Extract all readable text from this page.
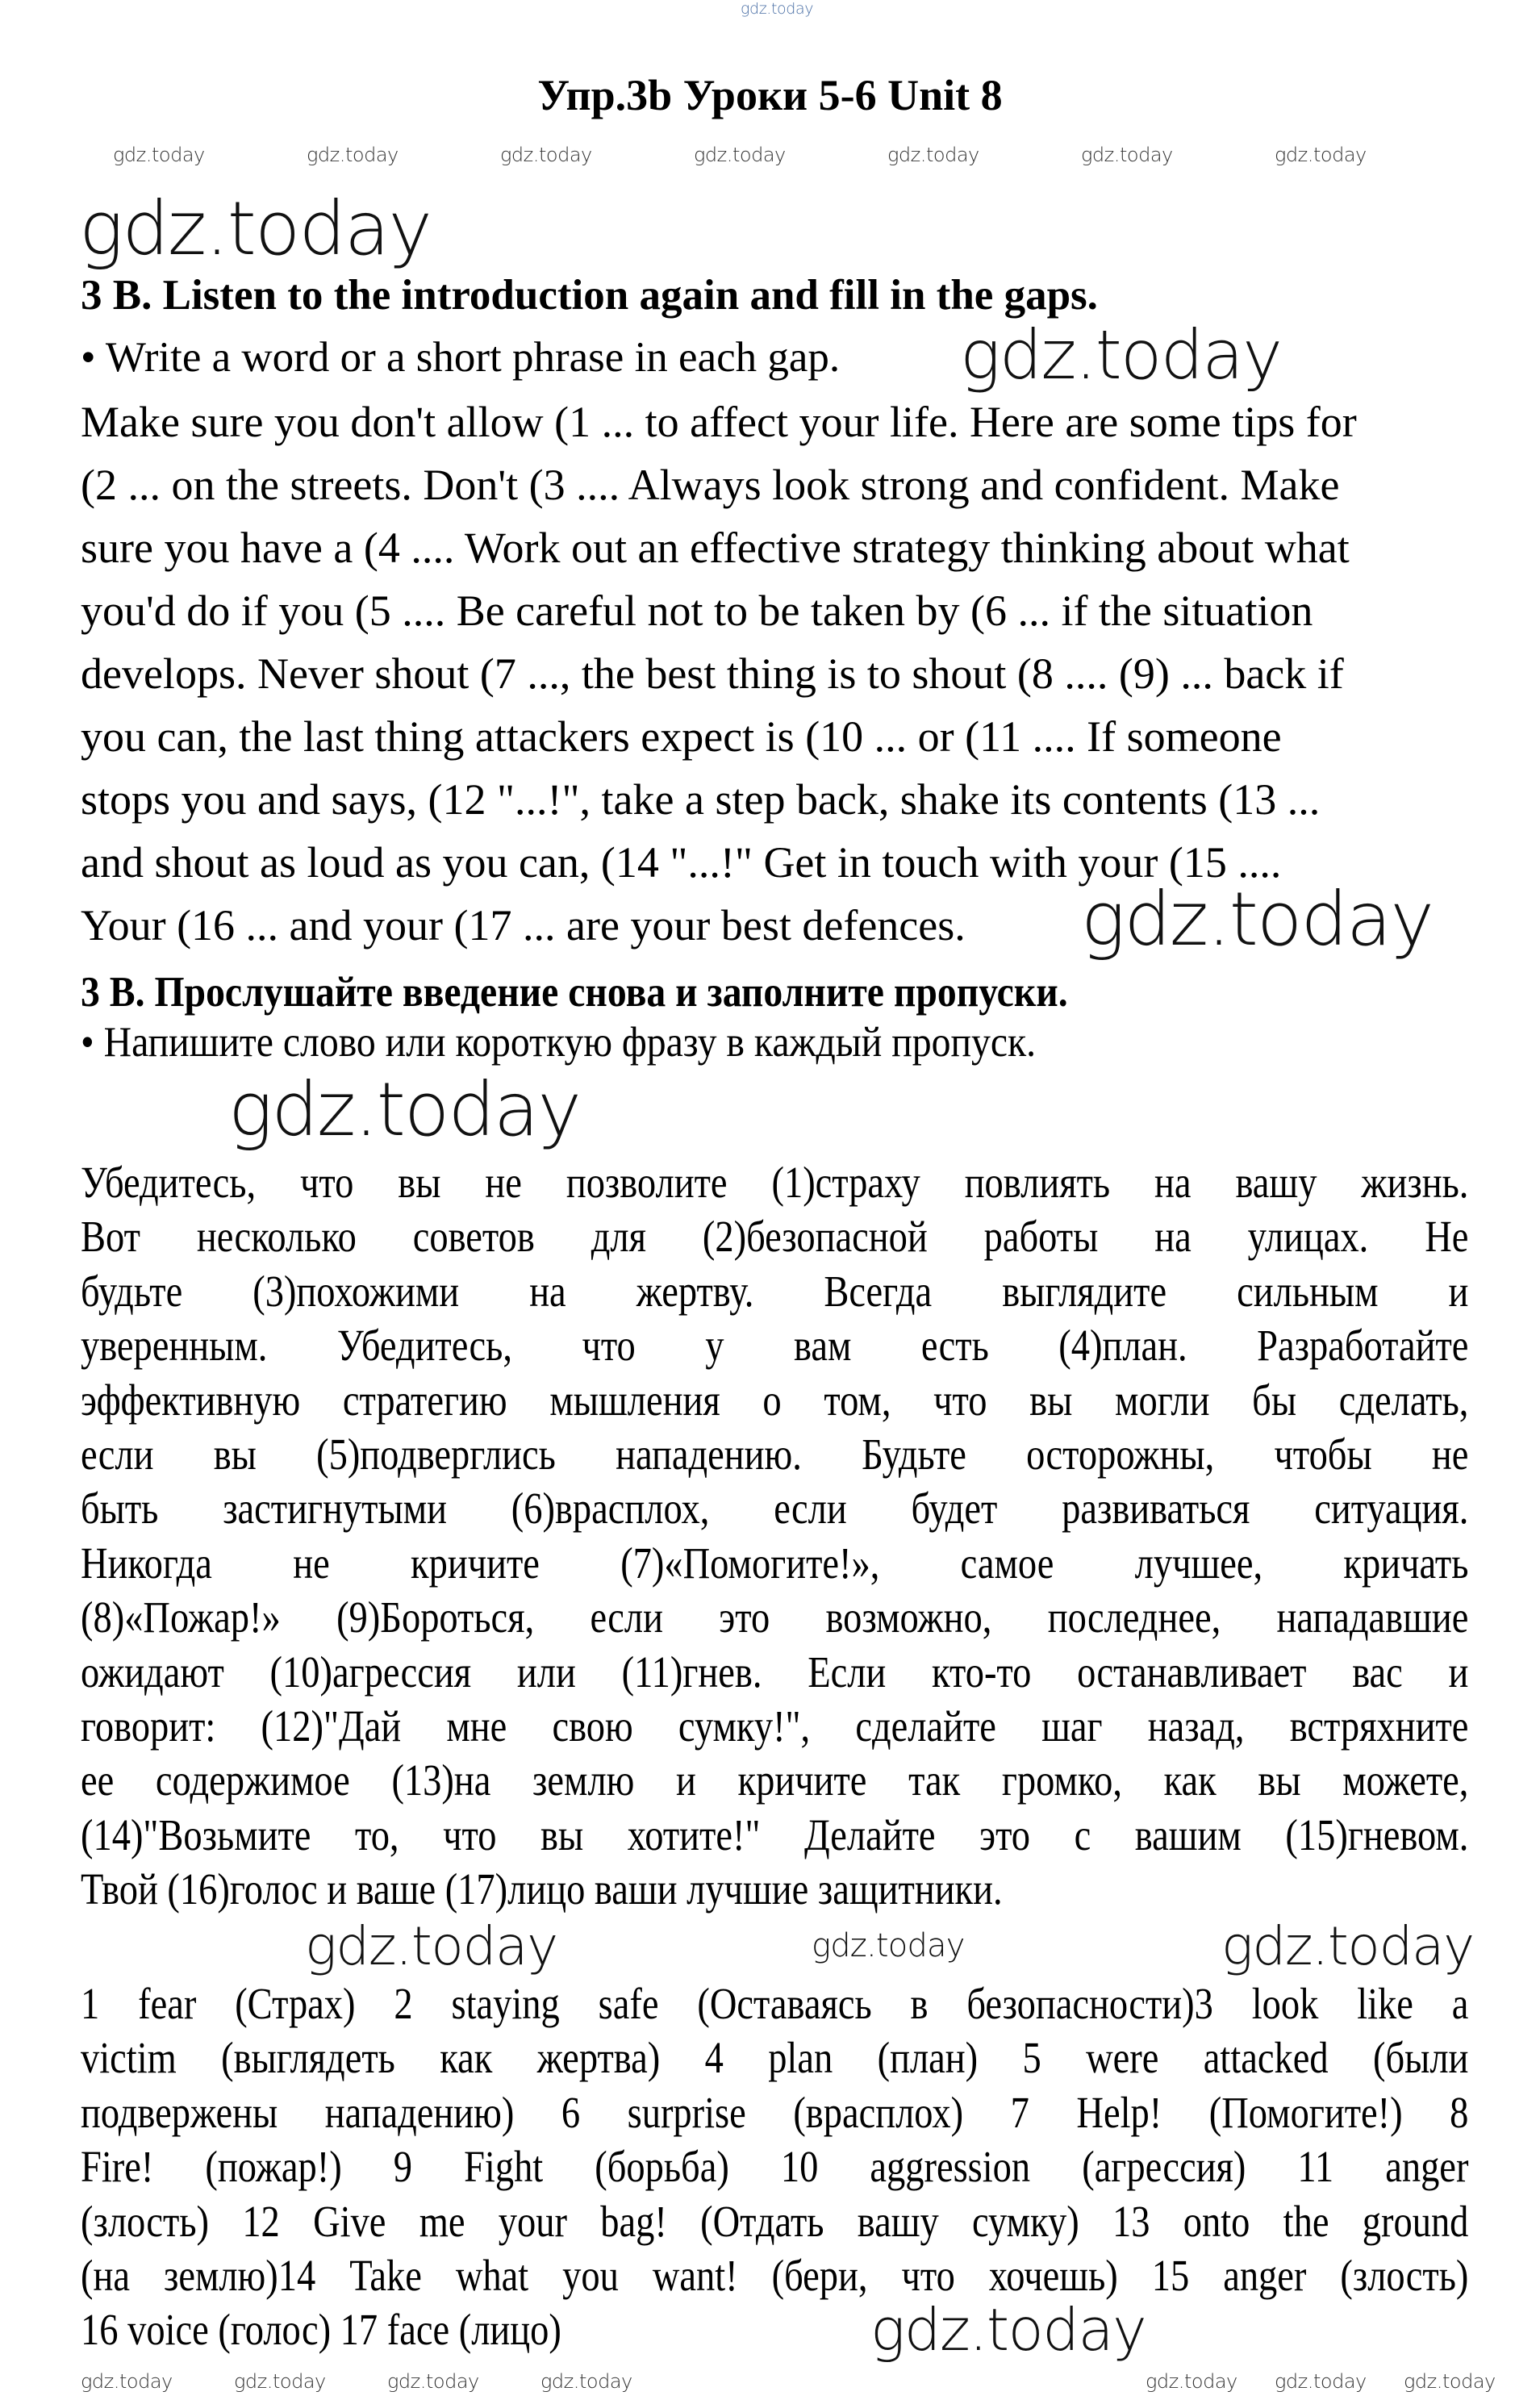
gdz.today
Упр.3b Уроки 5-6 Unit 8
gdz.today	gdz.today	gdz.today	gdz.today	gdz.today	gdz.today	gdz.today
gdz.today
3 B. Listen to the introduction again and fill in the gaps.
• Write a word or a short phrase in each gap. gdz.today
Make sure you don't allow (1 ... to affect your life. Here are some tips for
(2 ... on the streets. Don't (3 .... Always look strong and confident. Make
sure you have a (4 .... Work out an effective strategy thinking about what
you'd do if you (5 .... Be careful not to be taken by (6 ... if the situation
develops. Never shout (7 ..., the best thing is to shout (8 .... (9) ... back if
you can, the last thing attackers expect is (10 ... or (11 .... If someone
stops you and says, (12 "...!", take a step back, shake its contents (13 ...
and shout as loud as you can, (14 "...!" Get in touch with your (15 ....
Your (16 ... and your (17 ... are your best defences. gdz.today
3 B. Прослушайте введение снова и заполните пропуски.
• Напишите слово или короткую фразу в каждый пропуск.
gdz.today
Убедитесь, что вы не позволите (1)страху повлиять на вашу жизнь.
Вот несколько советов для (2)безопасной работы на улицах. Не
будьте (3)похожими на жертву. Всегда выглядите сильным и
уверенным. Убедитесь, что у вам есть (4)план. Разработайте
эффективную стратегию мышления о том, что вы могли бы сделать,
если вы (5)подверглись нападению. Будьте осторожны, чтобы не
быть застигнутыми (6)врасплох, если будет развиваться ситуация.
Никогда не кричите (7)«Помогите!», самое лучшее, кричать
(8)«Пожар!» (9)Бороться, если это возможно, последнее, нападавшие
ожидают (10)агрессия или (11)гнев. Если кто-то останавливает вас и
говорит: (12)"Дай мне свою сумку!", сделайте шаг назад, встряхните
ее содержимое (13)на землю и кричите так громко, как вы можете,
(14)"Возьмите то, что вы хотите!" Делайте это с вашим (15)гневом.
Твой (16)голос и ваше (17)лицо ваши лучшие защитники.
gdz.today	gdz.today	gdz.today
1 fear (Страх) 2 staying safe (Оставаясь в безопасности)3 look like a
victim (выглядеть как жертва) 4 plan (план) 5 were attacked (были
подвержены нападению) 6 surprise (врасплох) 7 Help! (Помогите!) 8
Fire! (пожар!) 9 Fight (борьба) 10 aggression (агрессия) 11 anger
(злость) 12 Give me your bag! (Отдать вашу сумку) 13 onto the ground
(на землю)14 Take what you want! (бери, что хочешь) 15 anger (злость)
16 voice (голос) 17 face (лицо)	gdz.today
gdz.today	gdz.today	gdz.today	gdz.today	gdz.today gdz.today gdz.today
